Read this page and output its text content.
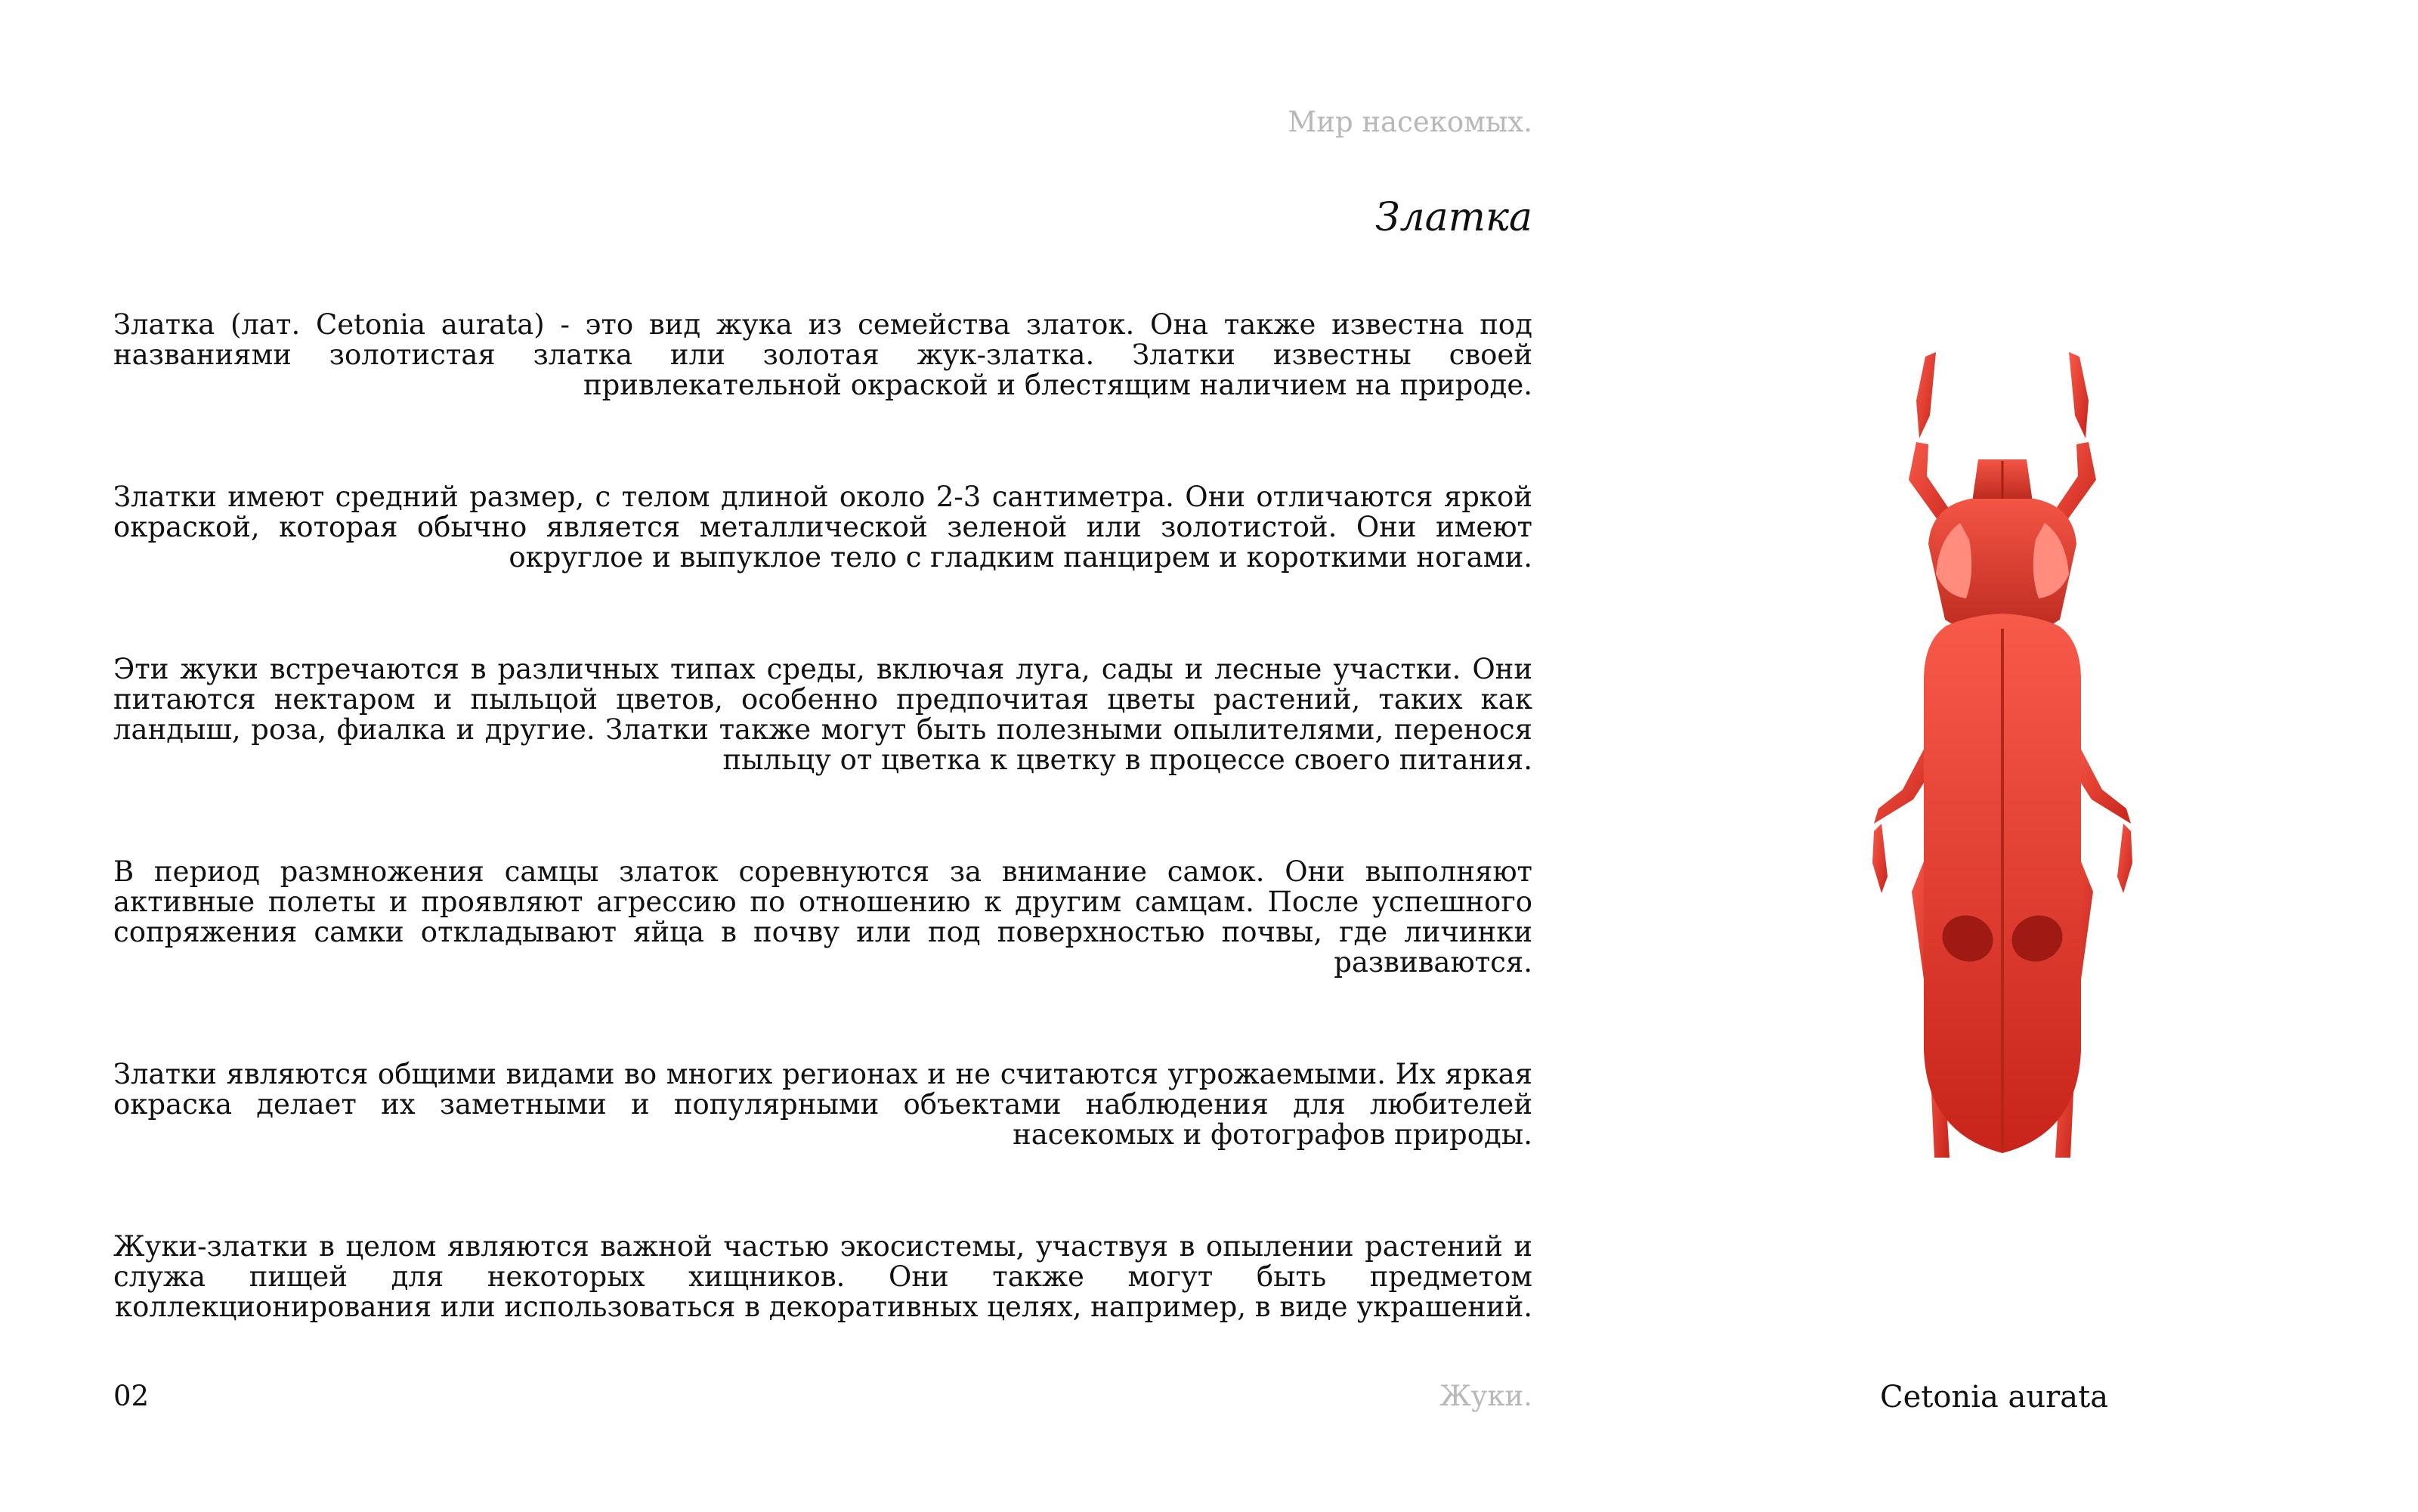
Мир насекомых.
Златка

Златка (лат. Cetonia aurata) - это вид жука из семейства златок. Она также известна под названиями золотистая златка или золотая жук-златка. Златки известны своей привлекательной окраской и блестящим наличием на природе.

Златки имеют средний размер, с телом длиной около 2-3 сантиметра. Они отличаются яркой окраской, которая обычно является металлической зеленой или золотистой. Они имеют округлое и выпуклое тело с гладким панцирем и короткими ногами.

Эти жуки встречаются в различных типах среды, включая луга, сады и лесные участки. Они питаются нектаром и пыльцой цветов, особенно предпочитая цветы растений, таких как ландыш, роза, фиалка и другие. Златки также могут быть полезными опылителями, перенося пыльцу от цветка к цветку в процессе своего питания.

В период размножения самцы златок соревнуются за внимание самок. Они выполняют активные полеты и проявляют агрессию по отношению к другим самцам. После успешного сопряжения самки откладывают яйца в почву или под поверхностью почвы, где личинки развиваются.

Златки являются общими видами во многих регионах и не считаются угрожаемыми. Их яркая окраска делает их заметными и популярными объектами наблюдения для любителей насекомых и фотографов природы.

Жуки-златки в целом являются важной частью экосистемы, участвуя в опылении растений и служа пищей для некоторых хищников. Они также могут быть предметом коллекционирования или использоваться в декоративных целях, например, в виде украшений.

02	Жуки.	Cetonia aurata
